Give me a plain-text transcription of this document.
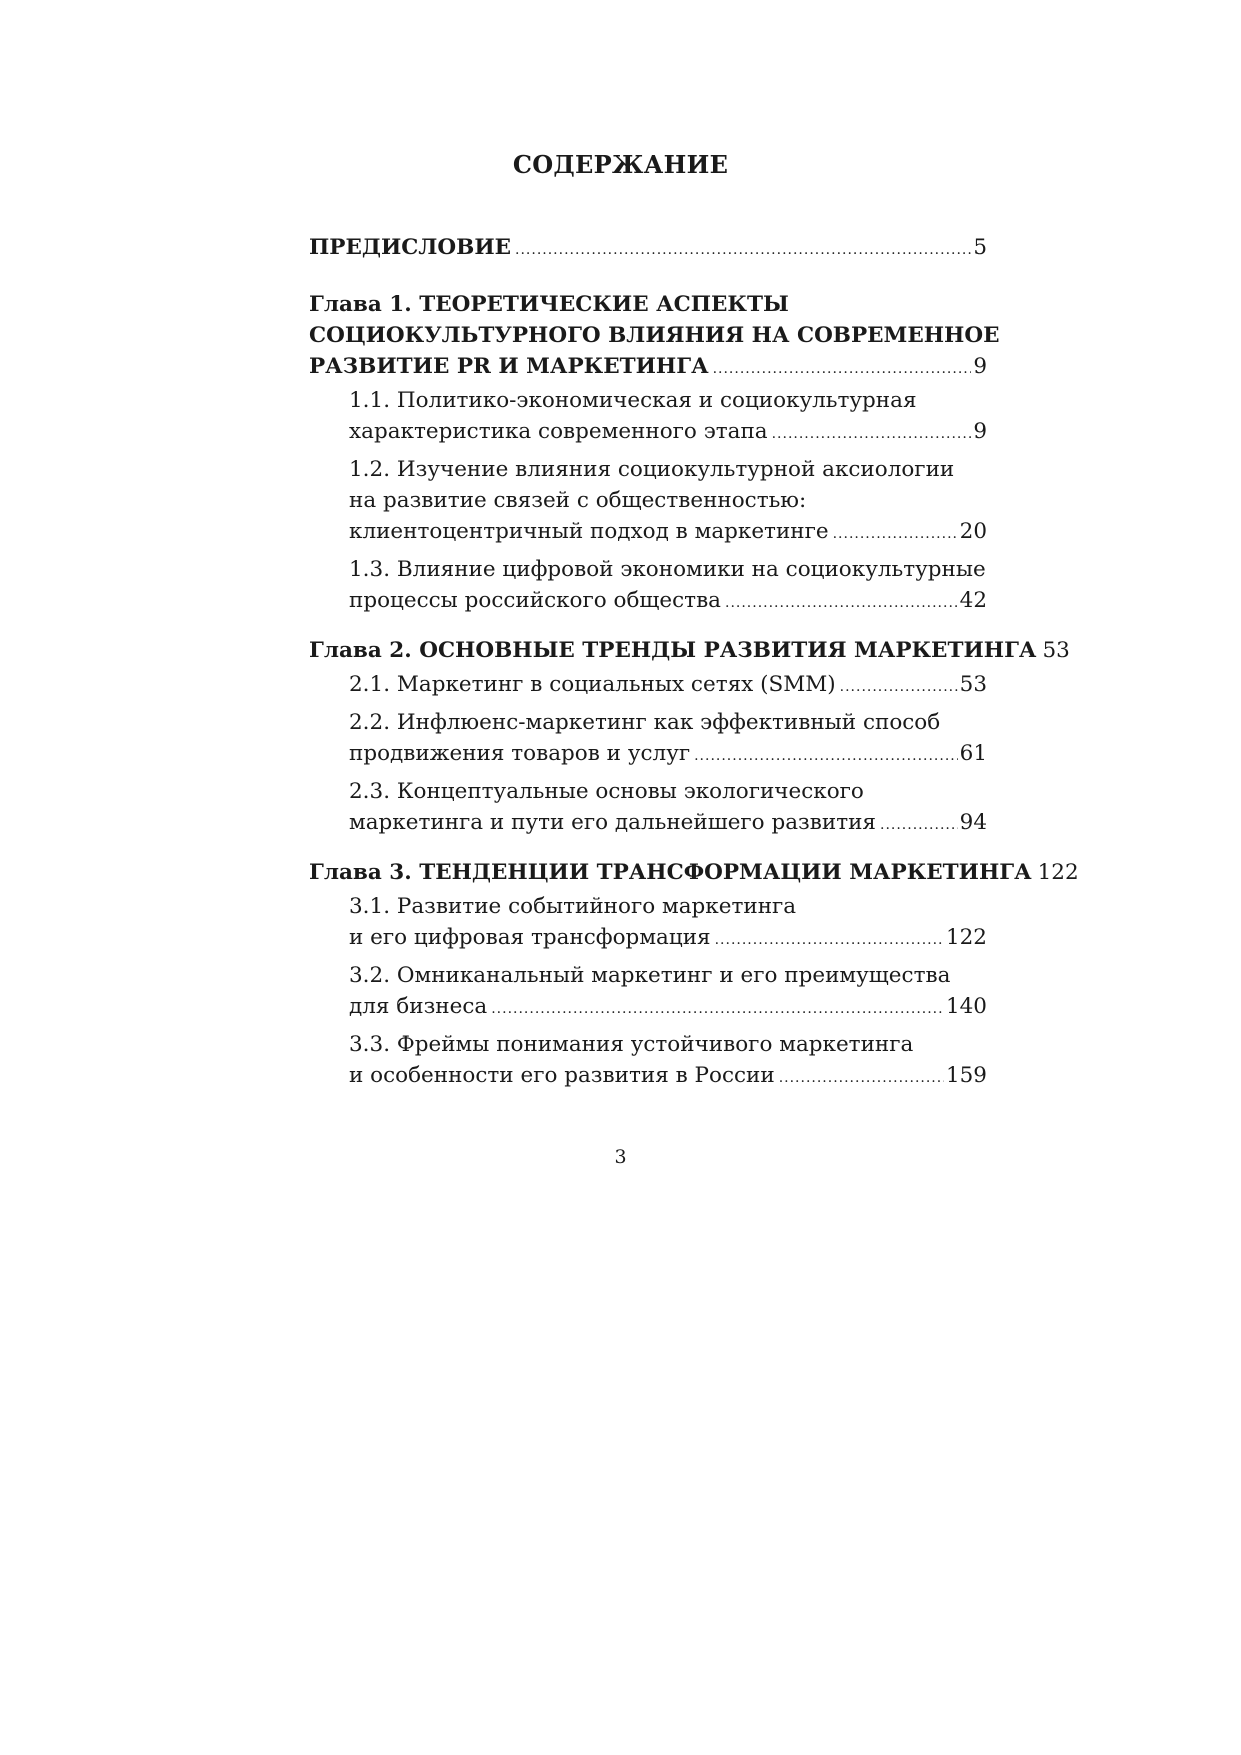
СОДЕРЖАНИЕ
ПРЕДИСЛОВИЕ .....	5
Глава 1. ТЕОРЕТИЧЕСКИЕ АСПЕКТЫ
СОЦИОКУЛЬТУРНОГО ВЛИЯНИЯ НА СОВРЕМЕННОЕ
РАЗВИТИЕ PR И МАРКЕТИНГА .....	9
1.1. Политико-экономическая и социокультурная
характеристика современного этапа .....	9
1.2. Изучение влияния социокультурной аксиологии
на развитие связей с общественностью:
клиентоцентричный подход в маркетинге .....	20
1.3. Влияние цифровой экономики на социокультурные
процессы российского общества .....	42
Глава 2. ОСНОВНЫЕ ТРЕНДЫ РАЗВИТИЯ МАРКЕТИНГА 53
2.1. Маркетинг в социальных сетях (SMM) .....	53
2.2. Инфлюенс-маркетинг как эффективный способ
продвижения товаров и услуг .....	61
2.3. Концептуальные основы экологического
маркетинга и пути его дальнейшего развития .....	94
Глава 3. ТЕНДЕНЦИИ ТРАНСФОРМАЦИИ МАРКЕТИНГА 122
3.1. Развитие событийного маркетинга
и его цифровая трансформация .....	122
3.2. Омниканальный маркетинг и его преимущества
для бизнеса .....	140
3.3. Фреймы понимания устойчивого маркетинга
и особенности его развития в России .....	159
3
